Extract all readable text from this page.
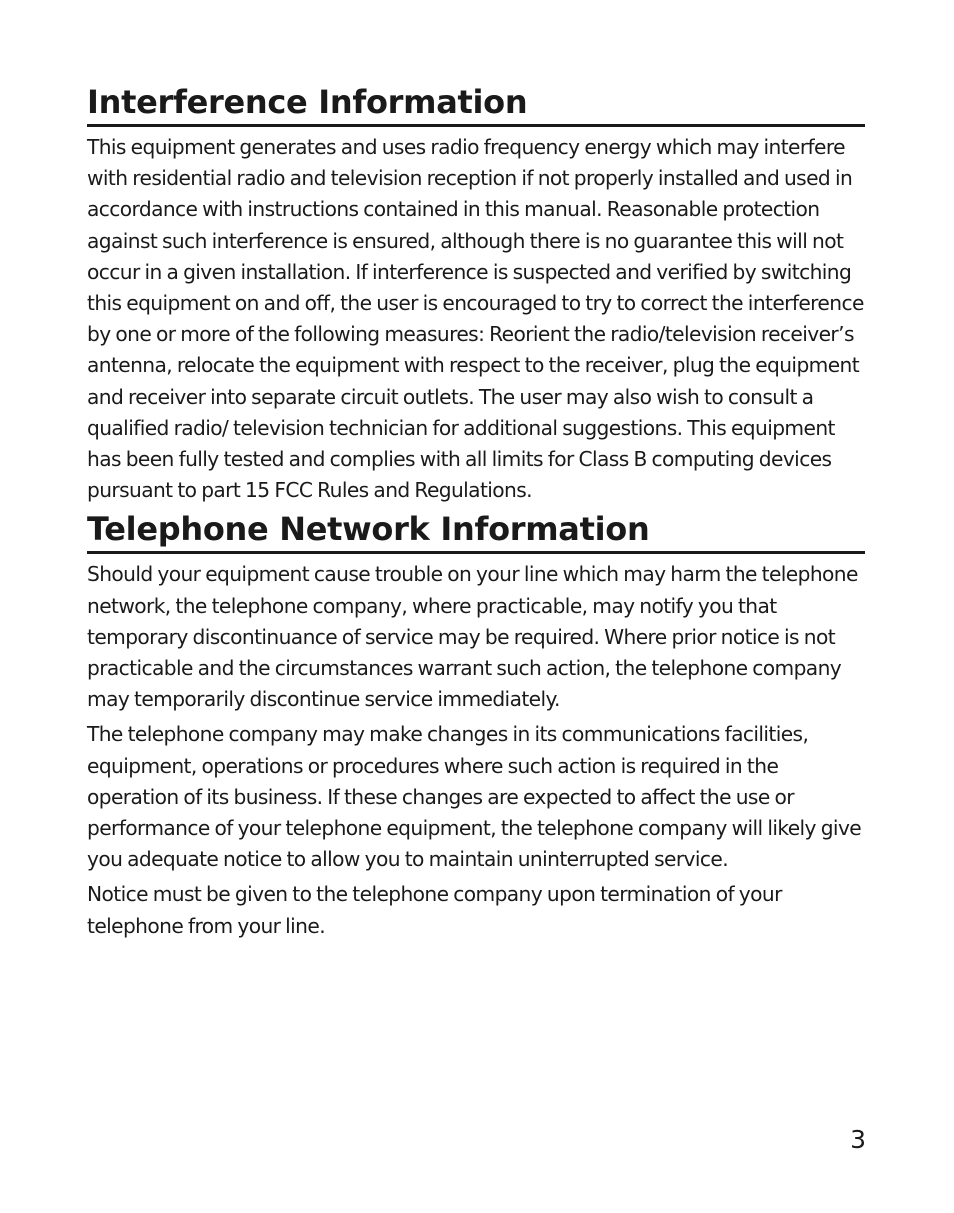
Interference Information

This equipment generates and uses radio frequency energy which may interfere with residential radio and television reception if not properly installed and used in accordance with instructions contained in this manual. Reasonable protection against such interference is ensured, although there is no guarantee this will not occur in a given installation. If interference is suspected and verified by switching this equipment on and off, the user is encouraged to try to correct the interference by one or more of the following measures: Reorient the radio/television receiver’s antenna, relocate the equipment with respect to the receiver, plug the equipment and receiver into separate circuit outlets. The user may also wish to consult a qualified radio/ television technician for additional suggestions. This equipment has been fully tested and complies with all limits for Class B computing devices pursuant to part 15 FCC Rules and Regulations.

Telephone Network Information

Should your equipment cause trouble on your line which may harm the telephone network, the telephone company, where practicable, may notify you that temporary discontinuance of service may be required. Where prior notice is not practicable and the circumstances warrant such action, the telephone company may temporarily discontinue service immediately.

The telephone company may make changes in its communications facilities, equipment, operations or procedures where such action is required in the operation of its business. If these changes are expected to affect the use or performance of your telephone equipment, the telephone company will likely give you adequate notice to allow you to maintain uninterrupted service.

Notice must be given to the telephone company upon termination of your telephone from your line.

3
